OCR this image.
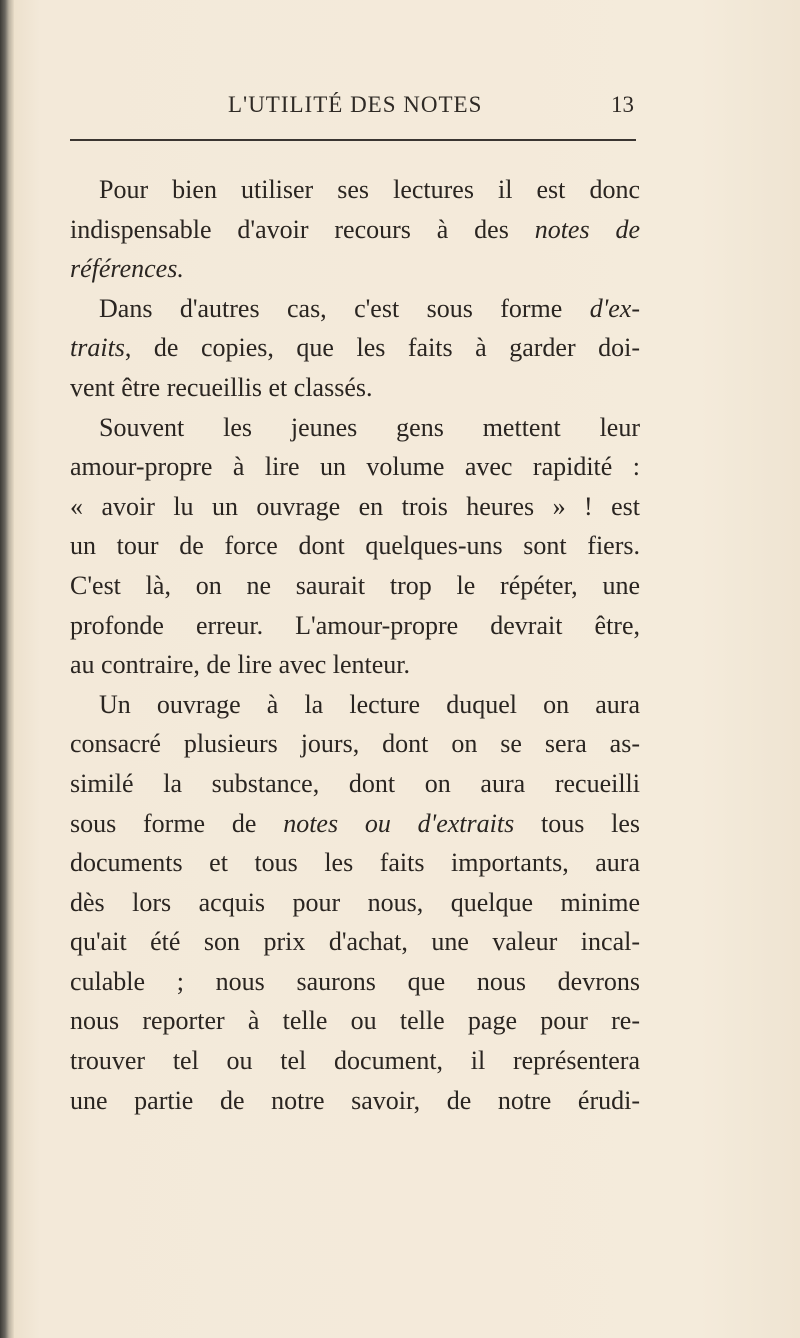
L'UTILITÉ DES NOTES	13
Pour bien utiliser ses lectures il est donc
indispensable d'avoir recours à des notes de
références.
Dans d'autres cas, c'est sous forme d'ex-
traits, de copies, que les faits à garder doi-
vent être recueillis et classés.
Souvent les jeunes gens mettent leur
amour-propre à lire un volume avec rapidité :
« avoir lu un ouvrage en trois heures » ! est
un tour de force dont quelques-uns sont fiers.
C'est là, on ne saurait trop le répéter, une
profonde erreur. L'amour-propre devrait être,
au contraire, de lire avec lenteur.
Un ouvrage à la lecture duquel on aura
consacré plusieurs jours, dont on se sera as-
similé la substance, dont on aura recueilli
sous forme de notes ou d'extraits tous les
documents et tous les faits importants, aura
dès lors acquis pour nous, quelque minime
qu'ait été son prix d'achat, une valeur incal-
culable ; nous saurons que nous devrons
nous reporter à telle ou telle page pour re-
trouver tel ou tel document, il représentera
une partie de notre savoir, de notre érudi-
